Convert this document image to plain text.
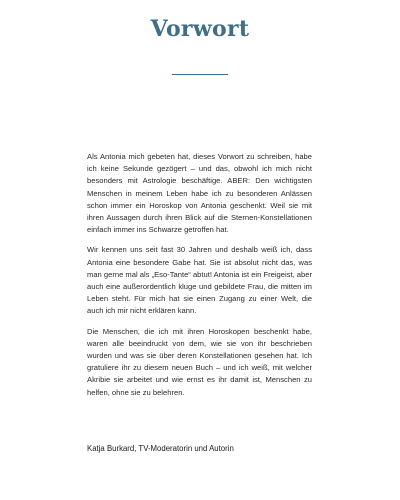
Vorwort

Als Antonia mich gebeten hat, dieses Vorwort zu schreiben, habe ich keine Sekunde gezögert – und das, obwohl ich mich nicht besonders mit Astrologie beschäftige. ABER: Den wichtigsten Menschen in meinem Leben habe ich zu besonderen Anlässen schon immer ein Horoskop von Antonia geschenkt. Weil sie mit ihren Aussagen durch ihren Blick auf die Sternen-Konstellationen einfach immer ins Schwarze getroffen hat.

Wir kennen uns seit fast 30 Jahren und deshalb weiß ich, dass Antonia eine besondere Gabe hat. Sie ist absolut nicht das, was man gerne mal als „Eso-Tante“ abtut! Antonia ist ein Freigeist, aber auch eine außerordentlich kluge und gebildete Frau, die mitten im Leben steht. Für mich hat sie einen Zugang zu einer Welt, die auch ich mir nicht erklären kann.

Die Menschen, die ich mit ihren Horoskopen beschenkt habe, waren alle beeindruckt von dem, wie sie von ihr beschrieben wurden und was sie über deren Konstellationen gesehen hat. Ich gratuliere ihr zu diesem neuen Buch – und ich weiß, mit welcher Akribie sie arbeitet und wie ernst es ihr damit ist, Menschen zu helfen, ohne sie zu belehren.

Katja Burkard, TV-Moderatorin und Autorin
